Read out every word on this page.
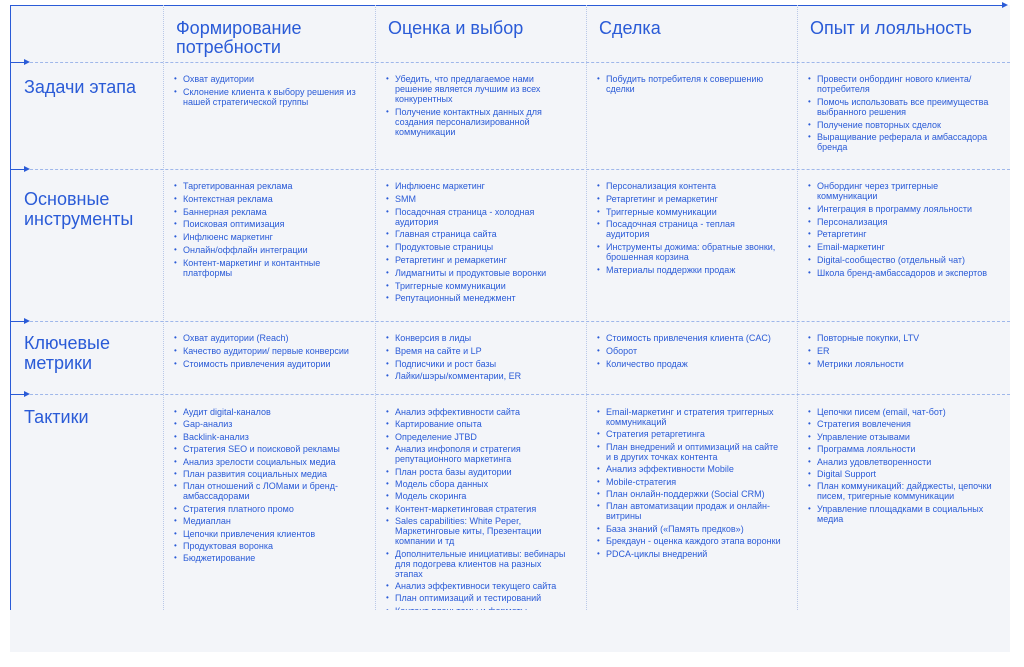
Формирование потребности
Оценка и выбор	Сделка	Опыт и лояльность
Задачи этапа
Основные инструменты
Ключевые метрики
Тактики
• Охват аудитории
• Склонение клиента к выбору решения из нашей стратегической группы
• Убедить, что предлагаемое нами решение является лучшим из всех конкурентных
• Получение контактных данных для создания персонализированной коммуникации
• Побудить потребителя к совершению сделки
• Провести онбординг нового клиента/ потребителя
• Помочь использовать все преимущества выбранного решения
• Получение повторных сделок
• Выращивание реферала и амбассадора бренда
• Таргетированная реклама
• Контекстная реклама
• Баннерная реклама
• Поисковая оптимизация
• Инфлюенс маркетинг
• Онлайн/оффлайн интеграции
• Контент-маркетинг и контантные платформы
• Инфлюенс маркетинг
• SMM
• Посадочная страница - холодная аудитория
• Главная страница сайта
• Продуктовые страницы
• Ретаргетинг и ремаркетинг
• Лидмагниты и продуктовые воронки
• Триггерные коммуникации
• Репутационный менеджмент
• Персонализация контента
• Ретаргетинг и ремаркетинг
• Триггерные коммуникации
• Посадочная страница - теплая аудитория
• Инструменты дожима: обратные звонки, брошенная корзина
• Материалы поддержки продаж
• Онбординг через триггерные коммуникации
• Интеграция в программу лояльности
• Персонализация
• Ретаргетинг
• Email-маркетинг
• Digital-сообщество (отдельный чат)
• Школа бренд-амбассадоров и экспертов
• Охват аудитории (Reach)
• Качество аудитории/ первые конверсии
• Стоимость привлечения аудитории
• Конверсия в лиды
• Время на сайте и LP
• Подписчики и рост базы
• Лайки/шэры/комментарии, ER
• Стоимость привлечения клиента (CAC)
• Оборот
• Количество продаж
• Повторные покупки, LTV
• ER
• Метрики лояльности
• Аудит digital-каналов
• Gap-анализ
• Backlink-анализ
• Стратегия SEO и поисковой рекламы
• Анализ зрелости социальных медиа
• План развития социальных медиа
• План отношений с ЛОМами и бренд-амбассадорами
• Стратегия платного промо
• Медиаплан
• Цепочки привлечения клиентов
• Продуктовая воронка
• Бюджетирование
• Анализ эффективности сайта
• Картирование опыта
• Определение JTBD
• Анализ инфополя и стратегия репутационного маркетинга
• План роста базы аудитории
• Модель сбора данных
• Модель скоринга
• Контент-маркетинговая стратегия
• Sales capabilities: White Peper, Маркетинговые киты, Презентации компании и тд
• Дополнительные инициативы: вебинары для подогрева клиентов на разных этапах
• Анализ эффективноси текущего сайта
• План оптимизаций и тестирований
•
•
• Email-маркетинг и стратегия триггерных коммуникаций
• Стратегия ретаргетинга
• План внедрений и оптимизаций на сайте и в других точках контента
• Анализ эффективности Mobile
• Mobile-стратегия
• План онлайн-поддержки (Social CRM)
• План автоматизации продаж и онлайн-витрины
• База знаний («Память предков»)
• Брекдаун - оценка каждого этапа воронки
• PDCA-циклы внедрений
• Цепочки писем (email, чат-бот)
• Стратегия вовлечения
• Управление отзывами
• Программа лояльности
• Анализ удовлетворенности
• Digital Support
• План коммуникаций: дайджесты, цепочки писем, тригерные коммуникации
• Управление площадками в социальных медиа
